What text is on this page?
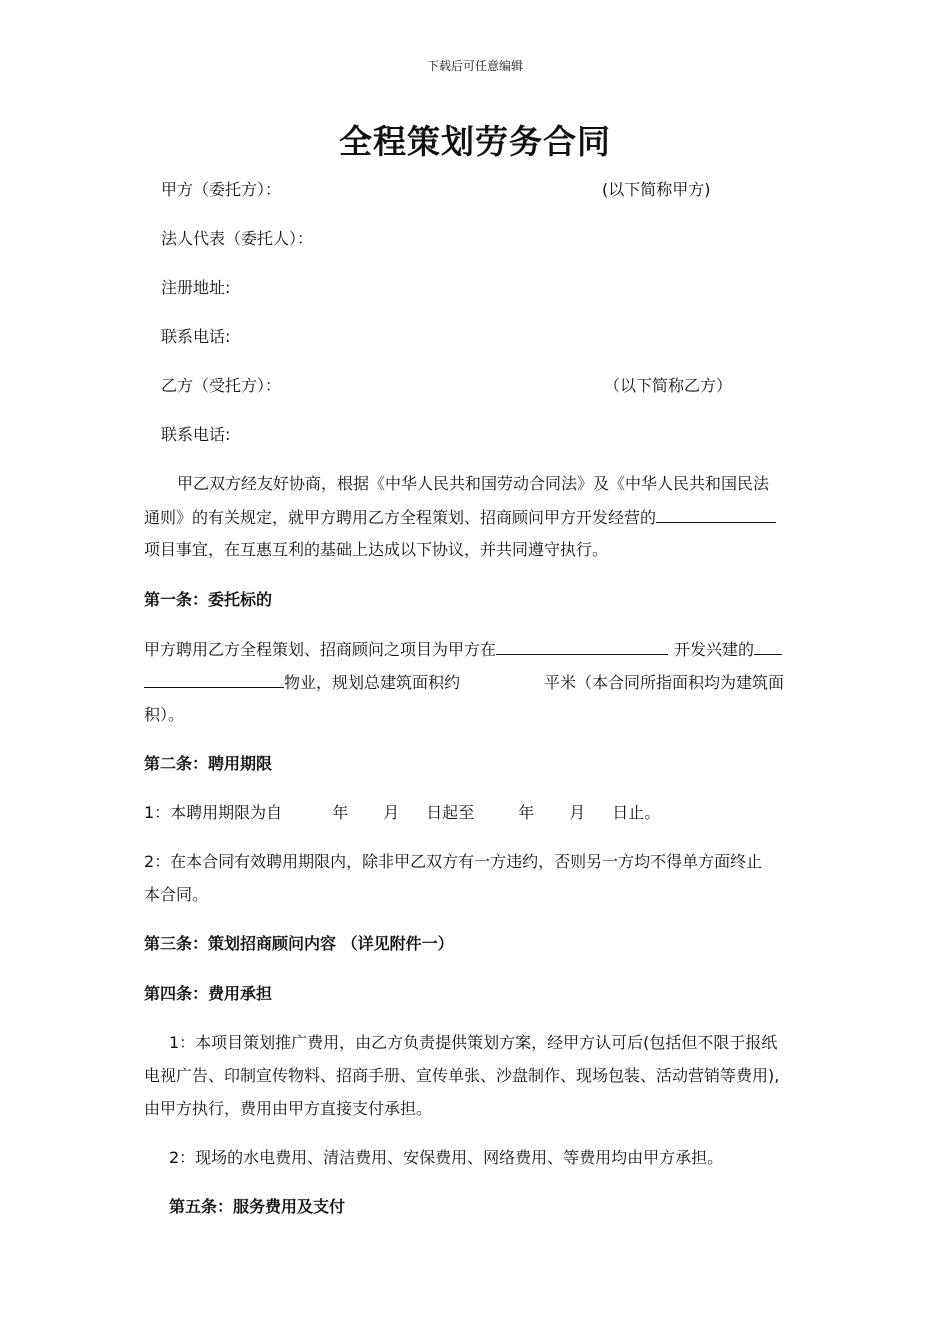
下载后可任意编辑
全程策划劳务合同
甲方（委托方）：	(以下简称甲方)
法人代表（委托人）：
注册地址:
联系电话:
乙方（受托方）：	（以下简称乙方）
联系电话:
甲乙双方经友好协商，根据《中华人民共和国劳动合同法》及《中华人民共和国民法
通则》的有关规定，就甲方聘用乙方全程策划、招商顾问甲方开发经营的
项目事宜，在互惠互利的基础上达成以下协议，并共同遵守执行。
第一条：委托标的
甲方聘用乙方全程策划、招商顾问之项目为甲方在	开发兴建的
物业，规划总建筑面积约	平米（本合同所指面积均为建筑面
积）。
第二条：聘用期限
1：本聘用期限为自	年 月 日起至	年 月 日止。
2：在本合同有效聘用期限内，除非甲乙双方有一方违约，否则另一方均不得单方面终止
本合同。
第三条：策划招商顾问内容 （详见附件一）
第四条：费用承担
1：本项目策划推广费用，由乙方负责提供策划方案，经甲方认可后(包括但不限于报纸
电视广告、印制宣传物料、招商手册、宣传单张、沙盘制作、现场包装、活动营销等费用),
由甲方执行，费用由甲方直接支付承担。
2：现场的水电费用、清洁费用、安保费用、网络费用、等费用均由甲方承担。
第五条：服务费用及支付
